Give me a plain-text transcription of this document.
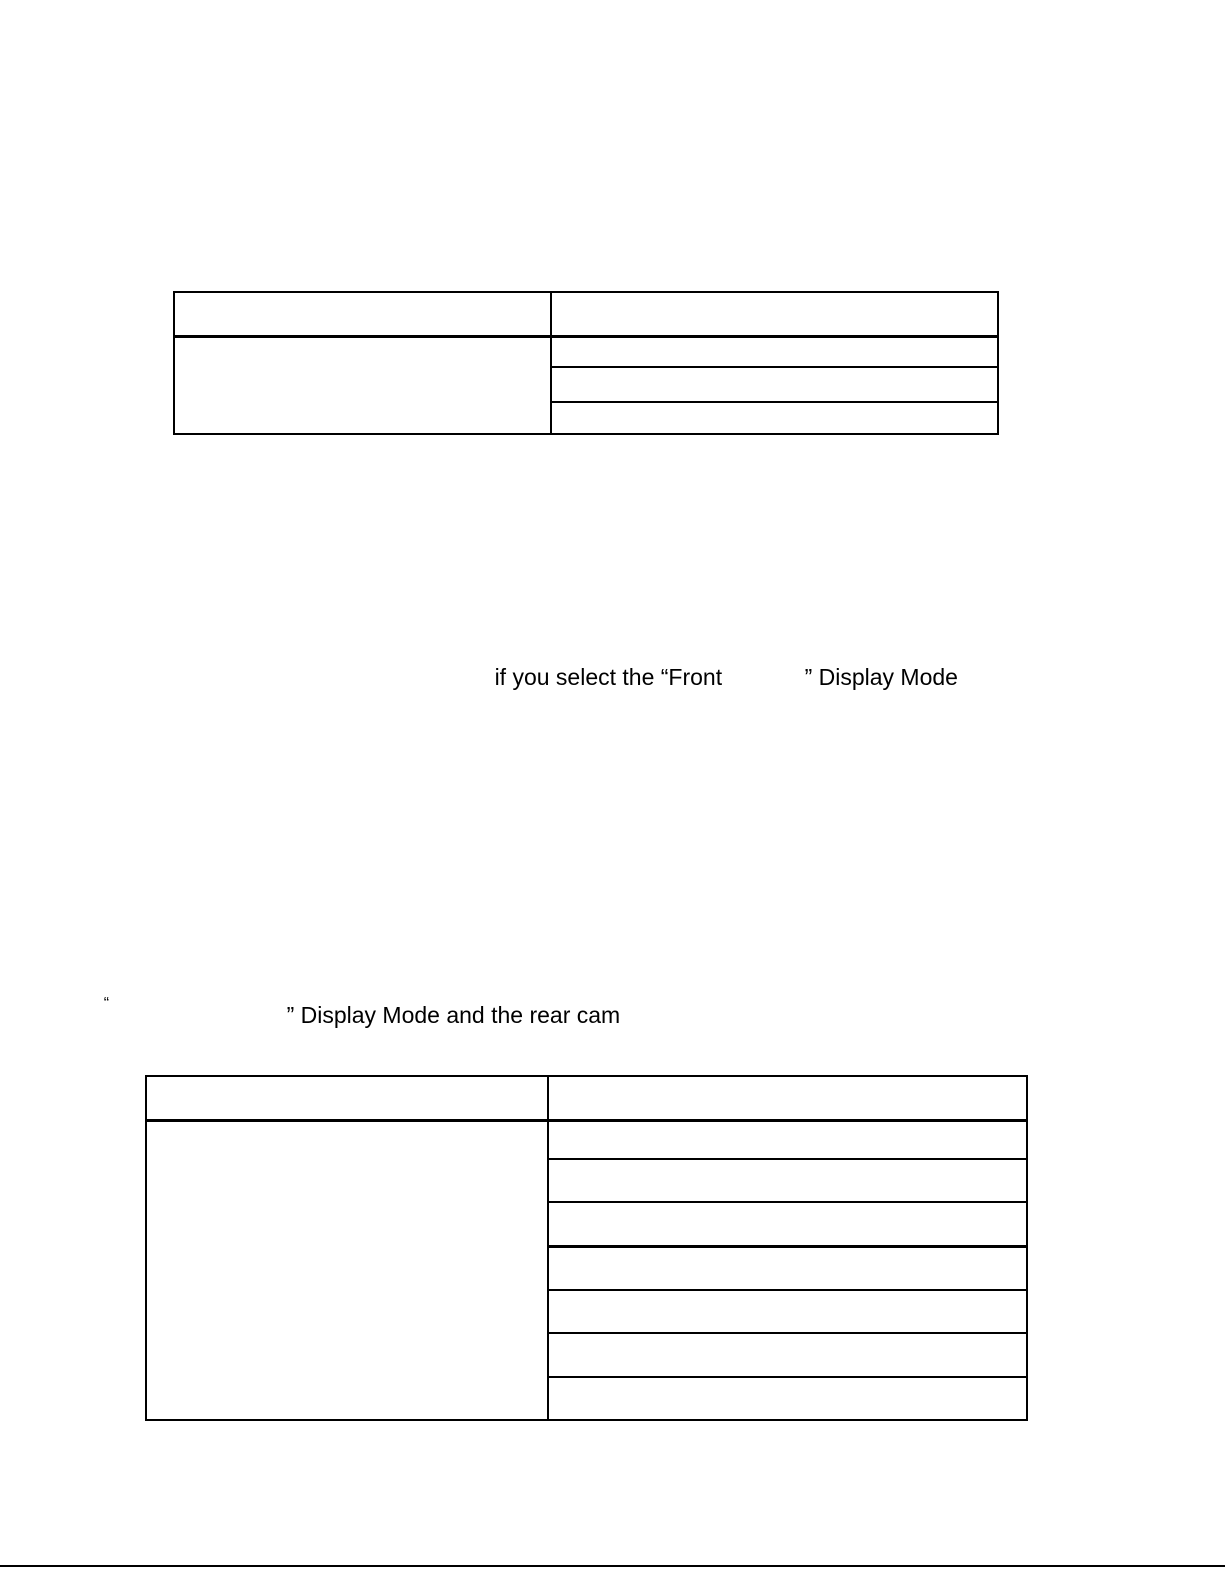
if you select the “Front
	” Display Mode

“
	” Display Mode and the rear cam
